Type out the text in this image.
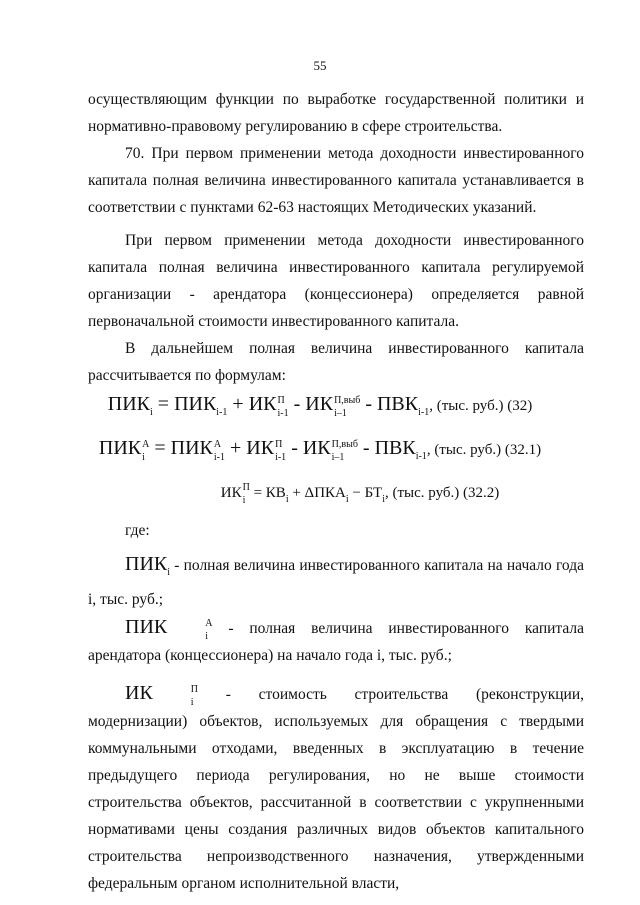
55

осуществляющим функции по выработке государственной политики и нормативно-правовому регулированию в сфере строительства.

70. При первом применении метода доходности инвестированного капитала полная величина инвестированного капитала устанавливается в соответствии с пунктами 62-63 настоящих Методических указаний.

При первом применении метода доходности инвестированного капитала полная величина инвестированного капитала регулируемой организации - арендатора (концессионера) определяется равной первоначальной стоимости инвестированного капитала.

В дальнейшем полная величина инвестированного капитала рассчитывается по формулам:

$ПИК_i = ПИК_{i-1}$ + ИК П
i-1 - ИК П,выб
$i-1 - ПВК_{i-1}$, (тыс. руб.) (32)
ПИК А
i = ПИК А
i-1 + ИК П
i-1 - ИК П,выб
$i-1 - ПВК_{i-1}$, (тыс. руб.) (32.1)
ИК П
$i = КВ_i + \Delta ПКА_i - БТ_i$, (тыс. руб.) (32.2)
где:

$ПИК_i$ - полная величина инвестированного капитала на начало года i, тыс. руб.;

ПИК	А
i - полная величина инвестированного капитала арендатора (концессионера) на начало года i, тыс. руб.;

ИК	П
i - стоимость строительства (реконструкции, модернизации) объектов, используемых для обращения с твердыми коммунальными отходами, введенных в эксплуатацию в течение предыдущего периода регулирования, но не выше стоимости строительства объектов, рассчитанной в соответствии с укрупненными нормативами цены создания различных видов объектов капитального строительства непроизводственного назначения, утвержденными федеральным органом исполнительной власти,
